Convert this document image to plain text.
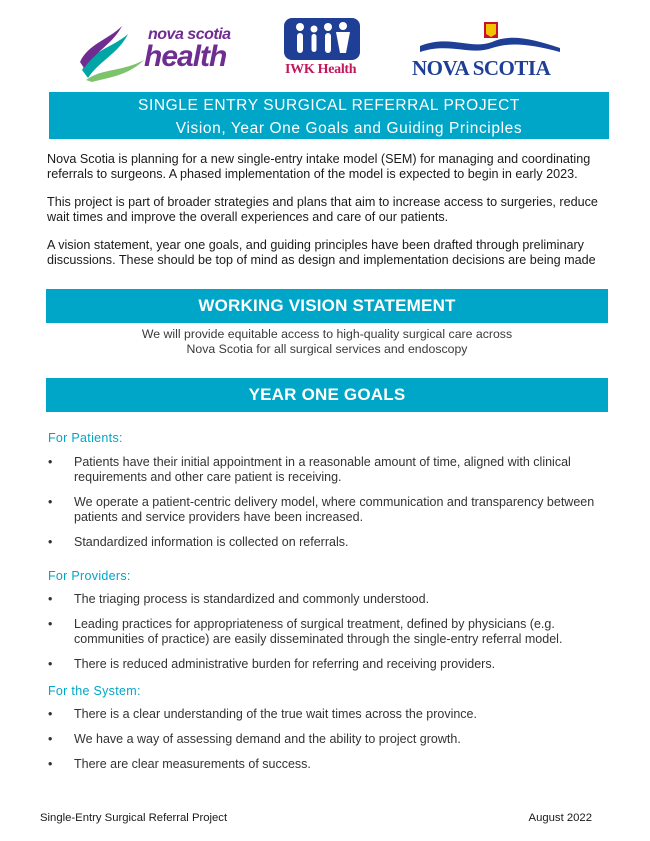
nova scotia
health	IWK Health	NOVA SCOTIA
SINGLE ENTRY SURGICAL REFERRAL PROJECT
Vision, Year One Goals and Guiding Principles

Nova Scotia is planning for a new single-entry intake model (SEM) for managing and coordinating referrals to surgeons. A phased implementation of the model is expected to begin in early 2023.

This project is part of broader strategies and plans that aim to increase access to surgeries, reduce wait times and improve the overall experiences and care of our patients.

A vision statement, year one goals, and guiding principles have been drafted through preliminary discussions. These should be top of mind as design and implementation decisions are being made

WORKING VISION STATEMENT
We will provide equitable access to high-quality surgical care across
Nova Scotia for all surgical services and endoscopy
YEAR ONE GOALS
For Patients:
• Patients have their initial appointment in a reasonable amount of time, aligned with clinical requirements and other care patient is receiving.
• We operate a patient-centric delivery model, where communication and transparency between patients and service providers have been increased.
• Standardized information is collected on referrals.
For Providers:
• The triaging process is standardized and commonly understood.
• Leading practices for appropriateness of surgical treatment, defined by physicians (e.g. communities of practice) are easily disseminated through the single-entry referral model.
• There is reduced administrative burden for referring and receiving providers.
For the System:
• There is a clear understanding of the true wait times across the province.
• We have a way of assessing demand and the ability to project growth.
• There are clear measurements of success.
Single-Entry Surgical Referral Project	August 2022
